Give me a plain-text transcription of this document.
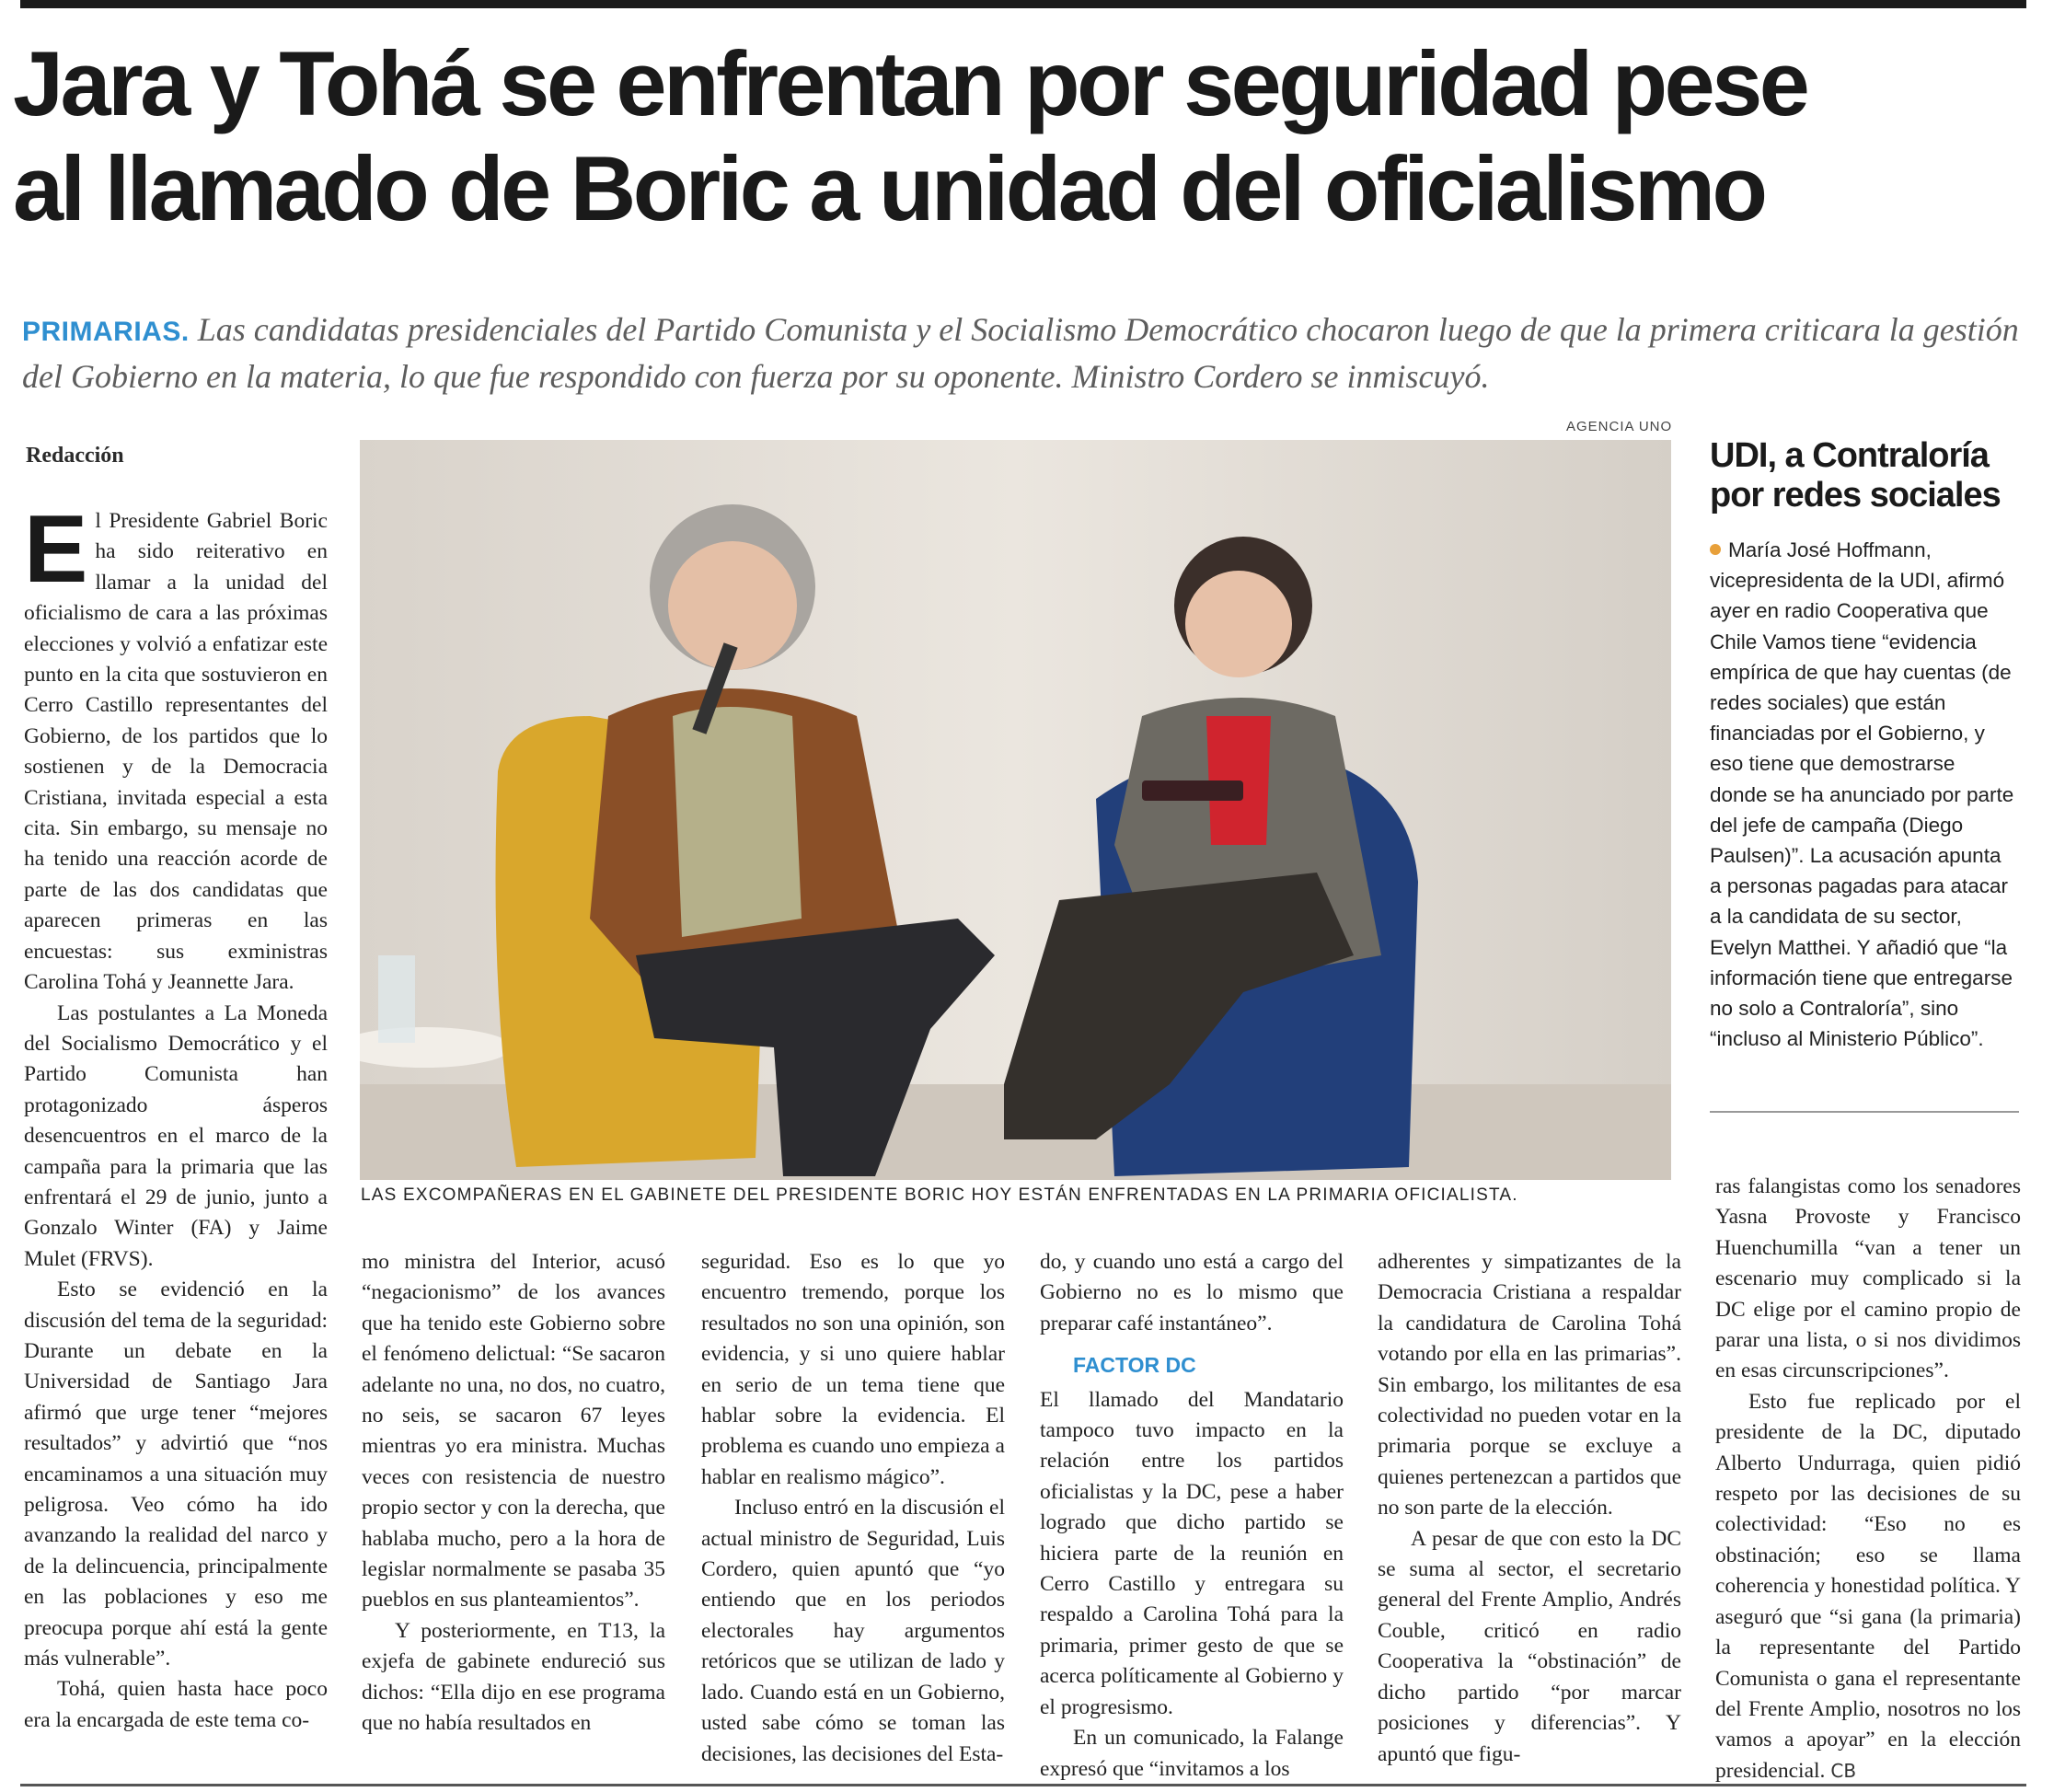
Jara y Tohá se enfrentan por seguridad pese
al llamado de Boric a unidad del oficialismo
PRIMARIAS. Las candidatas presidenciales del Partido Comunista y el Socialismo Democrático chocaron luego de que la primera criticara la gestión del Gobierno en la materia, lo que fue respondido con fuerza por su oponente. Ministro Cordero se inmiscuyó.
Redacción

El Presidente Gabriel Boric ha sido reiterativo en llamar a la unidad del oficialismo de cara a las próximas elecciones y volvió a enfatizar este punto en la cita que sostuvieron en Cerro Castillo representantes del Gobierno, de los partidos que lo sostienen y de la Democracia Cristiana, invitada especial a esta cita. Sin embargo, su mensaje no ha tenido una reacción acorde de parte de las dos candidatas que aparecen primeras en las encuestas: sus exministras Carolina Tohá y Jeannette Jara.

Las postulantes a La Moneda del Socialismo Democrático y el Partido Comunista han protagonizado ásperos desencuentros en el marco de la campaña para la primaria que las enfrentará el 29 de junio, junto a Gonzalo Winter (FA) y Jaime Mulet (FRVS).

Esto se evidenció en la discusión del tema de la seguridad: Durante un debate en la Universidad de Santiago Jara afirmó que urge tener “mejores resultados” y advirtió que “nos encaminamos a una situación muy peligrosa. Veo cómo ha ido avanzando la realidad del narco y de la delincuencia, principalmente en las poblaciones y eso me preocupa porque ahí está la gente más vulnerable”.

Tohá, quien hasta hace poco era la encargada de este tema co-

AGENCIA UNO
LAS EXCOMPAÑERAS EN EL GABINETE DEL PRESIDENTE BORIC HOY ESTÁN ENFRENTADAS EN LA PRIMARIA OFICIALISTA.
UDI, a Contraloría por redes sociales
María José Hoffmann, vicepresidenta de la UDI, afirmó ayer en radio Cooperativa que Chile Vamos tiene “evidencia empírica de que hay cuentas (de redes sociales) que están financiadas por el Gobierno, y eso tiene que demostrarse donde se ha anunciado por parte del jefe de campaña (Diego Paulsen)”. La acusación apunta a personas pagadas para atacar a la candidata de su sector, Evelyn Matthei. Y añadió que “la información tiene que entregarse no solo a Contraloría”, sino “incluso al Ministerio Público”.

mo ministra del Interior, acusó “negacionismo” de los avances que ha tenido este Gobierno sobre el fenómeno delictual: “Se sacaron adelante no una, no dos, no cuatro, no seis, se sacaron 67 leyes mientras yo era ministra. Muchas veces con resistencia de nuestro propio sector y con la derecha, que hablaba mucho, pero a la hora de legislar normalmente se pasaba 35 pueblos en sus planteamientos”.

Y posteriormente, en T13, la exjefa de gabinete endureció sus dichos: “Ella dijo en ese programa que no había resultados en

seguridad. Eso es lo que yo encuentro tremendo, porque los resultados no son una opinión, son evidencia, y si uno quiere hablar en serio de un tema tiene que hablar sobre la evidencia. El problema es cuando uno empieza a hablar en realismo mágico”.

Incluso entró en la discusión el actual ministro de Seguridad, Luis Cordero, quien apuntó que “yo entiendo que en los periodos electorales hay argumentos retóricos que se utilizan de lado y lado. Cuando está en un Gobierno, usted sabe cómo se toman las decisiones, las decisiones del Esta-

do, y cuando uno está a cargo del Gobierno no es lo mismo que preparar café instantáneo”.

FACTOR DC

El llamado del Mandatario tampoco tuvo impacto en la relación entre los partidos oficialistas y la DC, pese a haber logrado que dicho partido se hiciera parte de la reunión en Cerro Castillo y entregara su respaldo a Carolina Tohá para la primaria, primer gesto de que se acerca políticamente al Gobierno y el progresismo.

En un comunicado, la Falange expresó que “invitamos a los

adherentes y simpatizantes de la Democracia Cristiana a respaldar la candidatura de Carolina Tohá votando por ella en las primarias”. Sin embargo, los militantes de esa colectividad no pueden votar en la primaria porque se excluye a quienes pertenezcan a partidos que no son parte de la elección.

A pesar de que con esto la DC se suma al sector, el secretario general del Frente Amplio, Andrés Couble, criticó en radio Cooperativa la “obstinación” de dicho partido “por marcar posiciones y diferencias”. Y apuntó que figu-

ras falangistas como los senadores Yasna Provoste y Francisco Huenchumilla “van a tener un escenario muy complicado si la DC elige por el camino propio de parar una lista, o si nos dividimos en esas circunscripciones”.

Esto fue replicado por el presidente de la DC, diputado Alberto Undurraga, quien pidió respeto por las decisiones de su colectividad: “Eso no es obstinación; eso se llama coherencia y honestidad política. Y aseguró que “si gana (la primaria) la representante del Partido Comunista o gana el representante del Frente Amplio, nosotros no los vamos a apoyar” en la elección presidencial. CB
